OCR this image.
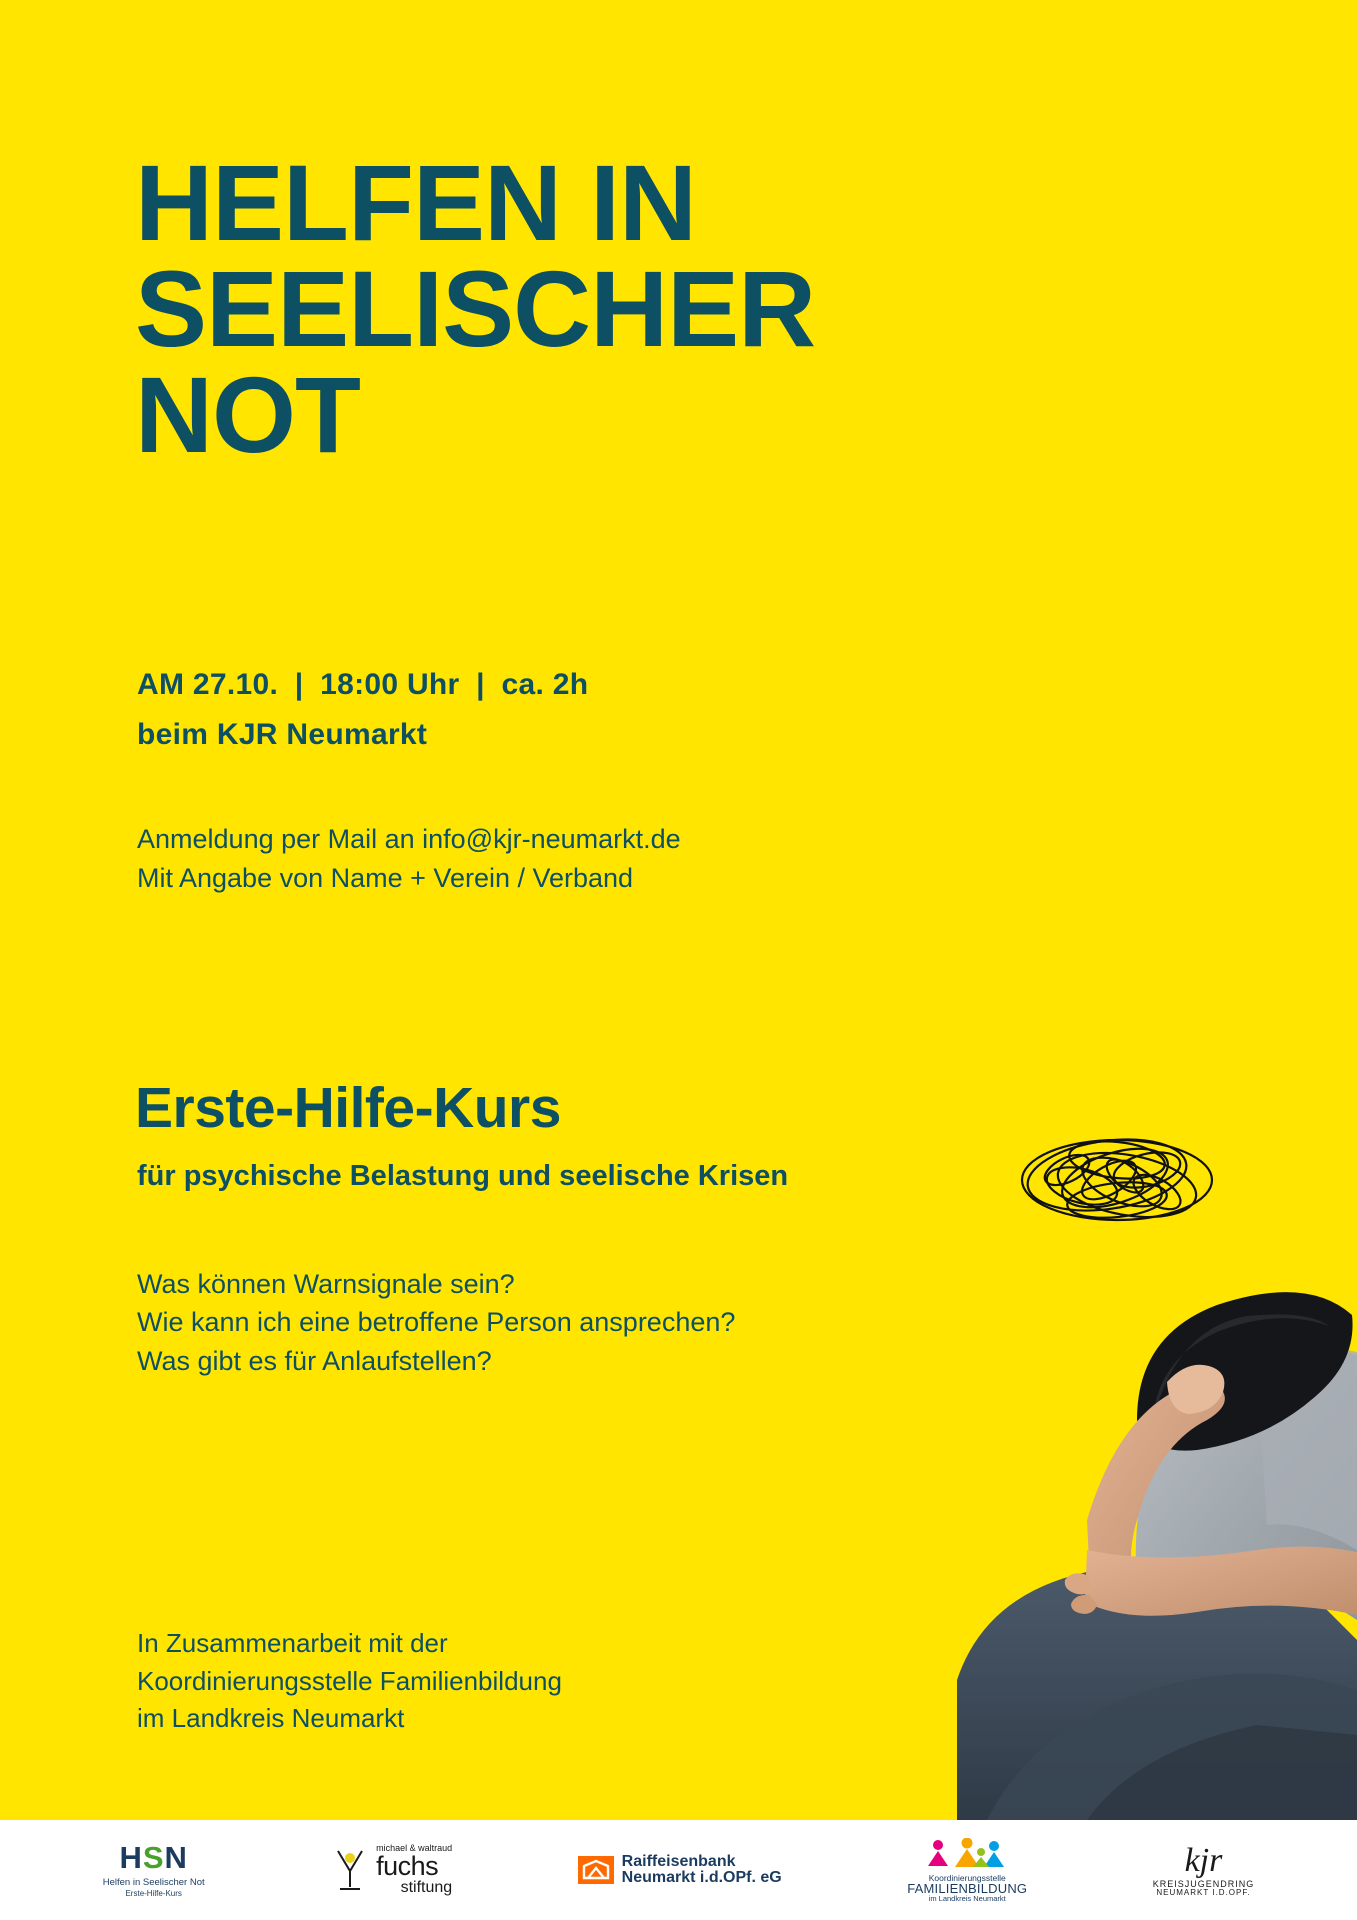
HELFEN IN
SEELISCHER
NOT
AM 27.10. | 18:00 Uhr | ca. 2h
beim KJR Neumarkt
Anmeldung per Mail an info@kjr-neumarkt.de
Mit Angabe von Name + Verein / Verband
Erste-Hilfe-Kurs
für psychische Belastung und seelische Krisen
Was können Warnsignale sein?
Wie kann ich eine betroffene Person ansprechen?
Was gibt es für Anlaufstellen?
In Zusammenarbeit mit der
Koordinierungsstelle Familienbildung
im Landkreis Neumarkt
HSN
Helfen in Seelischer Not
Erste-Hilfe-Kurs
michael & waltraud
fuchs
stiftung
Raiffeisenbank
Neumarkt i.d.OPf. eG	Koordinierungsstelle
FAMILIENBILDUNG
im Landkreis Neumarkt
kjr
KREISJUGENDRING
NEUMARKT I.D.OPF.
